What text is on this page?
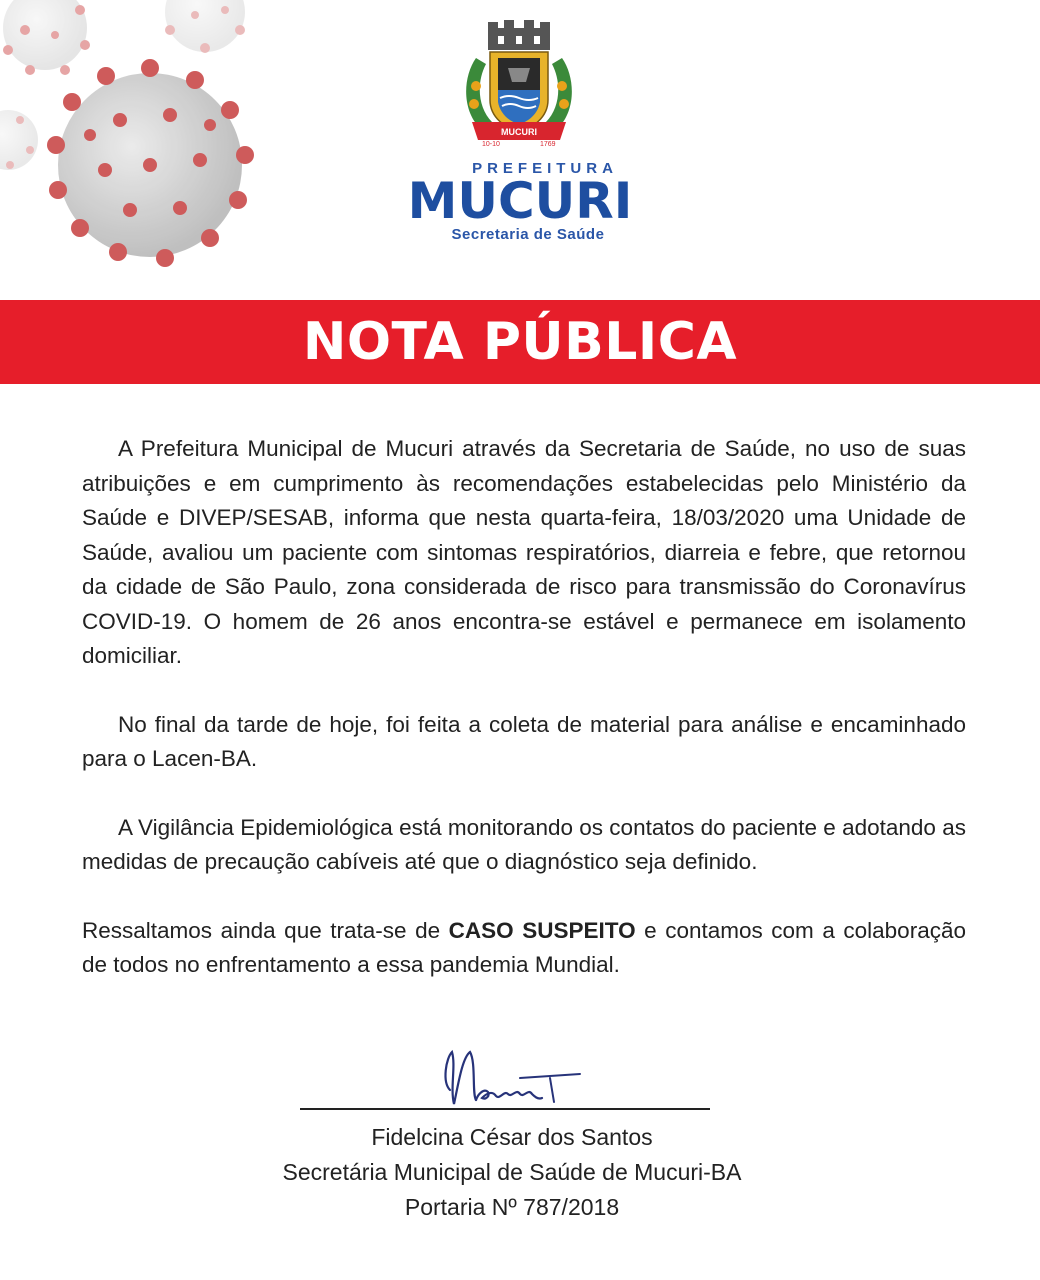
MUCURI
10-10	1769
PREFEITURA
MUCURI
Secretaria de Saúde
NOTA PÚBLICA

A Prefeitura Municipal de Mucuri através da Secretaria de Saúde, no uso de suas atribuições e em cumprimento às recomendações estabelecidas pelo Ministério da Saúde e DIVEP/SESAB, informa que nesta quarta-feira, 18/03/2020 uma Unidade de Saúde, avaliou um paciente com sintomas respiratórios, diarreia e febre, que retornou da cidade de São Paulo, zona considerada de risco para transmissão do Coronavírus COVID-19. O homem de 26 anos encontra-se estável e permanece em isolamento domiciliar.

No final da tarde de hoje, foi feita a coleta de material para análise e encaminhado para o Lacen-BA.

A Vigilância Epidemiológica está monitorando os contatos do paciente e adotando as medidas de precaução cabíveis até que o diagnóstico seja definido.

Ressaltamos ainda que trata-se de CASO SUSPEITO e contamos com a colaboração de todos no enfrentamento a essa pandemia Mundial.

Fidelcina César dos Santos
Secretária Municipal de Saúde de Mucuri-BA
Portaria Nº 787/2018
